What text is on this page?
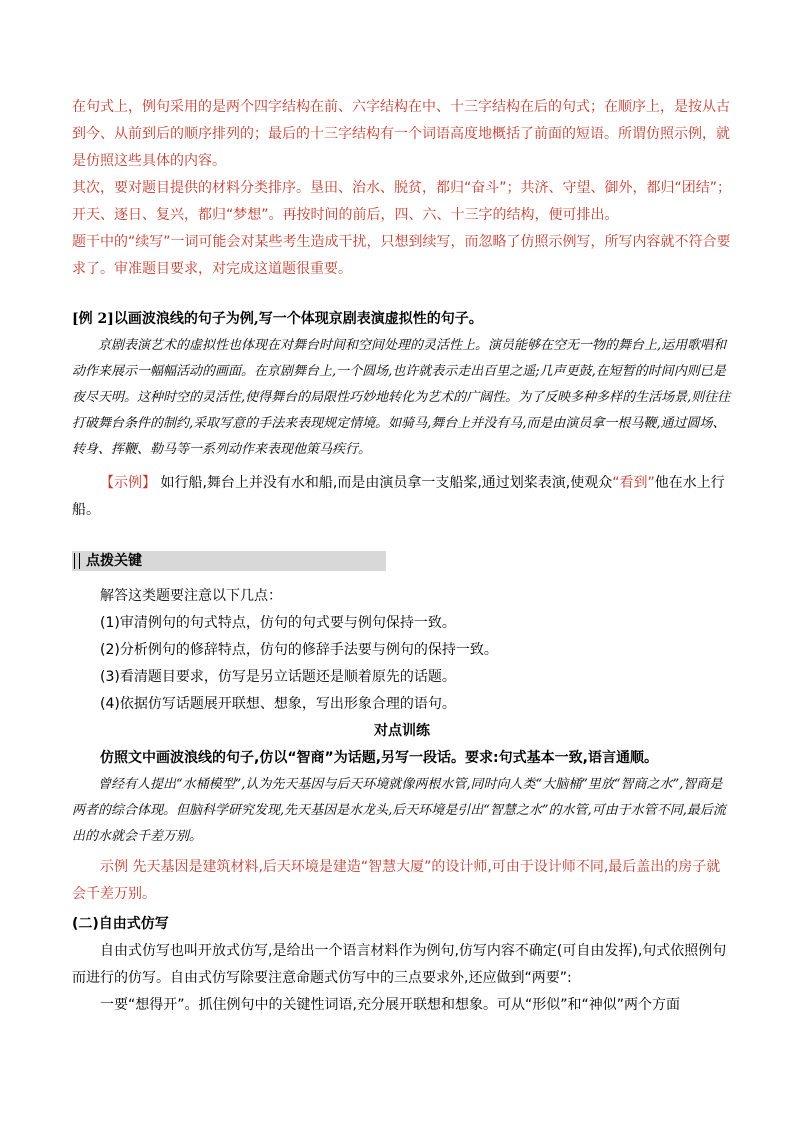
在句式上，例句采用的是两个四字结构在前、六字结构在中、十三字结构在后的句式；在顺序上，是按从古到今、从前到后的顺序排列的；最后的十三字结构有一个词语高度地概括了前面的短语。所谓仿照示例，就是仿照这些具体的内容。

其次，要对题目提供的材料分类排序。垦田、治水、脱贫，都归“奋斗”；共济、守望、御外，都归“团结”；开天、逐日、复兴，都归“梦想”。再按时间的前后，四、六、十三字的结构，便可排出。

题干中的“续写”一词可能会对某些考生造成干扰，只想到续写，而忽略了仿照示例写，所写内容就不符合要求了。审准题目要求，对完成这道题很重要。

[例 2]以画波浪线的句子为例,写一个体现京剧表演虚拟性的句子。

京剧表演艺术的虚拟性也体现在对舞台时间和空间处理的灵活性上。演员能够在空无一物的舞台上,运用歌唱和动作来展示一幅幅活动的画面。在京剧舞台上,一个圆场,也许就表示走出百里之遥;几声更鼓,在短暂的时间内则已是夜尽天明。这种时空的灵活性,使得舞台的局限性巧妙地转化为艺术的广阔性。为了反映多种多样的生活场景,则往往打破舞台条件的制约,采取写意的手法来表现规定情境。如骑马,舞台上并没有马,而是由演员拿一根马鞭,通过圆场、转身、挥鞭、勒马等一系列动作来表现他策马疾行。

【示例】 如行船,舞台上并没有水和船,而是由演员拿一支船桨,通过划桨表演,使观众“看到”他在水上行船。

点拨关键

解答这类题要注意以下几点：

(1)审清例句的句式特点，仿句的句式要与例句保持一致。

(2)分析例句的修辞特点，仿句的修辞手法要与例句的保持一致。

(3)看清题目要求，仿写是另立话题还是顺着原先的话题。

(4)依据仿写话题展开联想、想象，写出形象合理的语句。

对点训练

仿照文中画波浪线的句子,仿以“智商”为话题,另写一段话。要求:句式基本一致,语言通顺。

曾经有人提出“水桶模型”,认为先天基因与后天环境就像两根水管,同时向人类“大脑桶”里放“智商之水”,智商是两者的综合体现。但脑科学研究发现,先天基因是水龙头,后天环境是引出“智慧之水”的水管,可由于水管不同,最后流出的水就会千差万别。

示例 先天基因是建筑材料,后天环境是建造“智慧大厦”的设计师,可由于设计师不同,最后盖出的房子就会千差万别。

(二)自由式仿写

自由式仿写也叫开放式仿写,是给出一个语言材料作为例句,仿写内容不确定(可自由发挥),句式依照例句而进行的仿写。自由式仿写除要注意命题式仿写中的三点要求外,还应做到“两要”:

一要“想得开”。抓住例句中的关键性词语,充分展开联想和想象。可从“形似”和“神似”两个方面
